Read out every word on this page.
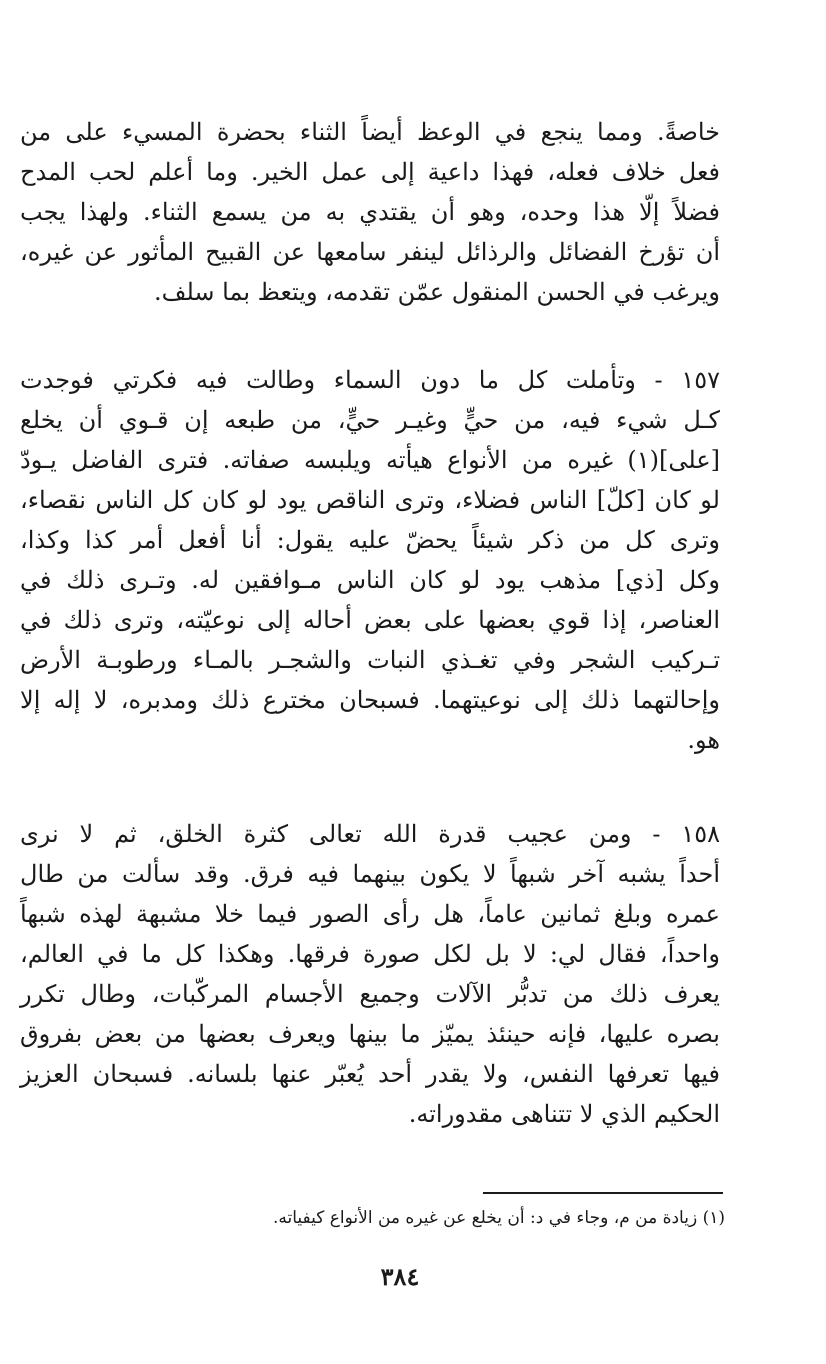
خاصةً. ومما ينجع في الوعظ أيضاً الثناء بحضرة المسيء على من
فعل خلاف فعله، فهذا داعية إلى عمل الخير. وما أعلم لحب المدح
فضلاً إلّا هذا وحده، وهو أن يقتدي به من يسمع الثناء. ولهذا يجب
أن تؤرخ الفضائل والرذائل لينفر سامعها عن القبيح المأثور عن غيره،
ويرغب في الحسن المنقول عمّن تقدمه، ويتعظ بما سلف.
١٥٧ - وتأملت كل ما دون السماء وطالت فيه فكرتي فوجدت
كـل شيء فيه، من حيٍّ وغيـر حيٍّ، من طبعه إن قـوي أن يخلع
[على](١) غيره من الأنواع هيأته ويلبسه صفاته. فترى الفاضل يـودّ
لو كان [كلّ] الناس فضلاء، وترى الناقص يود لو كان كل الناس نقصاء،
وترى كل من ذكر شيئاً يحضّ عليه يقول: أنا أفعل أمر كذا وكذا،
وكل [ذي] مذهب يود لو كان الناس مـوافقين له. وتـرى ذلك في
العناصر، إذا قوي بعضها على بعض أحاله إلى نوعيّته، وترى ذلك في
تـركيب الشجر وفي تغـذي النبات والشجـر بالمـاء ورطوبـة الأرض
وإحالتهما ذلك إلى نوعيتهما. فسبحان مخترع ذلك ومدبره، لا إله إلا
هو.
١٥٨ - ومن عجيب قدرة الله تعالى كثرة الخلق، ثم لا نرى
أحداً يشبه آخر شبهاً لا يكون بينهما فيه فرق. وقد سألت من طال
عمره وبلغ ثمانين عاماً، هل رأى الصور فيما خلا مشبهة لهذه شبهاً
واحداً، فقال لي: لا بل لكل صورة فرقها. وهكذا كل ما في العالم،
يعرف ذلك من تدبُّر الآلات وجميع الأجسام المركّبات، وطال تكرر
بصره عليها، فإنه حينئذ يميّز ما بينها ويعرف بعضها من بعض بفروق
فيها تعرفها النفس، ولا يقدر أحد يُعبّر عنها بلسانه. فسبحان العزيز
الحكيم الذي لا تتناهى مقدوراته.
(١) زيادة من م، وجاء في د: أن يخلع عن غيره من الأنواع كيفياته.
٣٨٤
